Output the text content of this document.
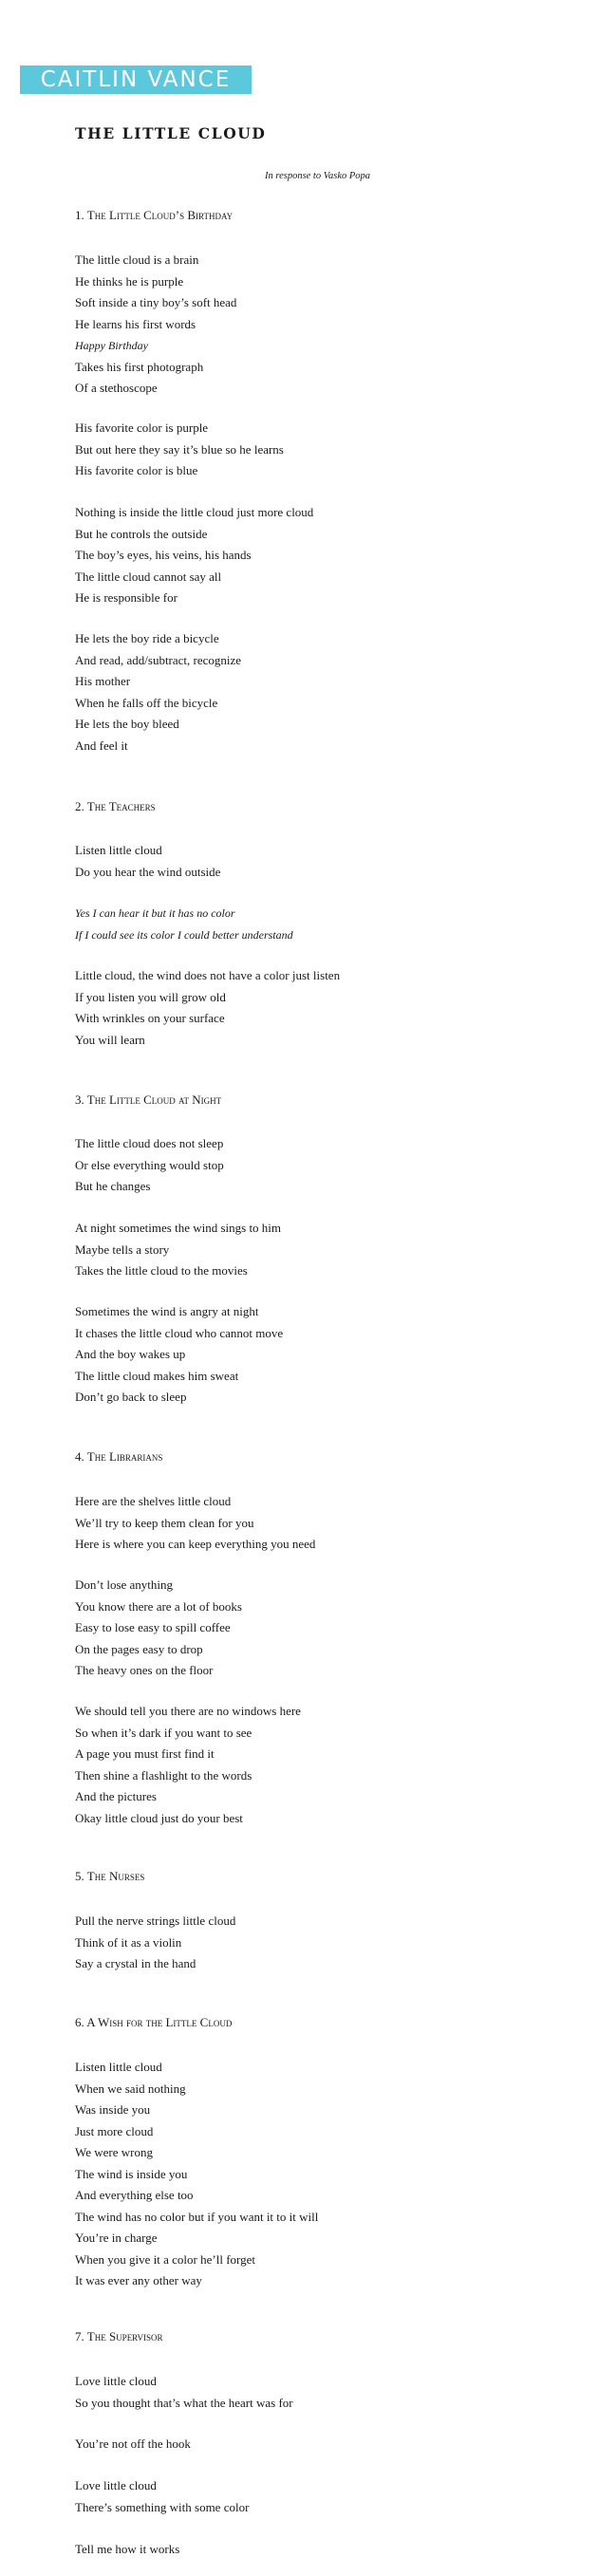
CAITLIN VANCE
THE LITTLE CLOUD
In response to Vasko Popa
1. The Little Cloud’s Birthday
The little cloud is a brain
He thinks he is purple
Soft inside a tiny boy’s soft head
He learns his first words
Happy Birthday
Takes his first photograph
Of a stethoscope
His favorite color is purple
But out here they say it’s blue so he learns
His favorite color is blue
Nothing is inside the little cloud just more cloud
But he controls the outside
The boy’s eyes, his veins, his hands
The little cloud cannot say all
He is responsible for
He lets the boy ride a bicycle
And read, add/subtract, recognize
His mother
When he falls off the bicycle
He lets the boy bleed
And feel it
2. The Teachers
Listen little cloud
Do you hear the wind outside
Yes I can hear it but it has no color
If I could see its color I could better understand
Little cloud, the wind does not have a color just listen
If you listen you will grow old
With wrinkles on your surface
You will learn
3. The Little Cloud at Night
The little cloud does not sleep
Or else everything would stop
But he changes
At night sometimes the wind sings to him
Maybe tells a story
Takes the little cloud to the movies
Sometimes the wind is angry at night
It chases the little cloud who cannot move
And the boy wakes up
The little cloud makes him sweat
Don’t go back to sleep
4. The Librarians
Here are the shelves little cloud
We’ll try to keep them clean for you
Here is where you can keep everything you need
Don’t lose anything
You know there are a lot of books
Easy to lose easy to spill coffee
On the pages easy to drop
The heavy ones on the floor
We should tell you there are no windows here
So when it’s dark if you want to see
A page you must first find it
Then shine a flashlight to the words
And the pictures
Okay little cloud just do your best
5. The Nurses
Pull the nerve strings little cloud
Think of it as a violin
Say a crystal in the hand
6. A Wish for the Little Cloud
Listen little cloud
When we said nothing
Was inside you
Just more cloud
We were wrong
The wind is inside you
And everything else too
The wind has no color but if you want it to it will
You’re in charge
When you give it a color he’ll forget
It was ever any other way
7. The Supervisor
Love little cloud
So you thought that’s what the heart was for
You’re not off the hook
Love little cloud
There’s something with some color
Tell me how it works
